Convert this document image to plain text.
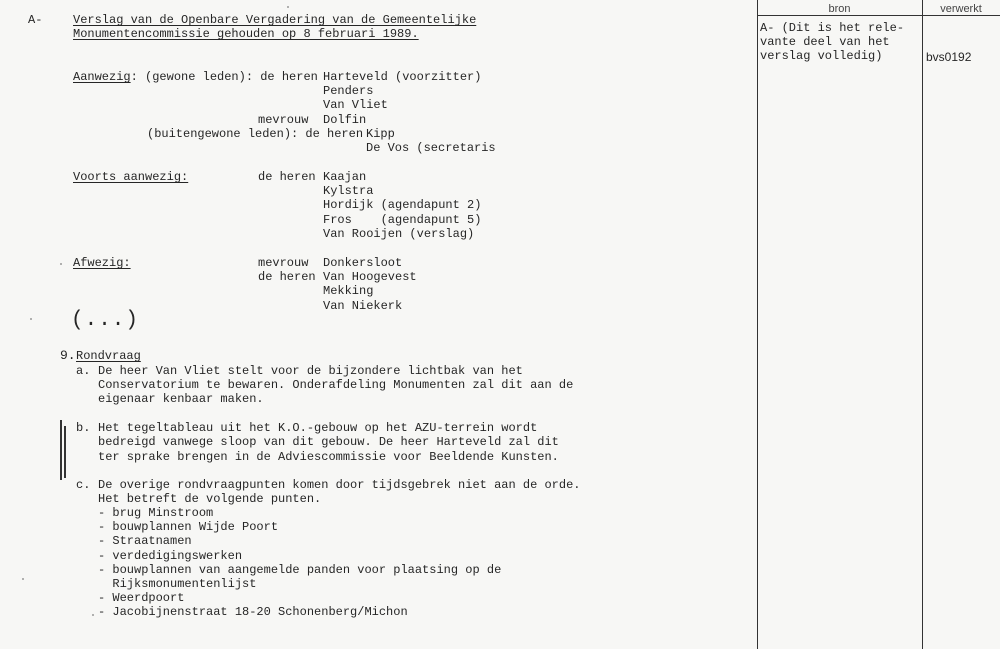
A-	Verslag van de Openbare Vergadering van de Gemeentelijke
Monumentencommissie gehouden op 8 februari 1989.
Aanwezig: (gewone leden): de heren Harteveld (voorzitter)
Penders
Van Vliet
mevrouw Dolfin
(buitengewone leden): de heren Kipp
De Vos (secretaris
Voorts aanwezig:	de heren Kaajan
Kylstra
Hordijk (agendapunt 2)
Fros    (agendapunt 5)
Van Rooijen (verslag)
Afwezig:	mevrouw Donkersloot
de heren Van Hoogevest
Mekking
Van Niekerk
(...)
9. Rondvraag
a. De heer Van Vliet stelt voor de bijzondere lichtbak van het
Conservatorium te bewaren. Onderafdeling Monumenten zal dit aan de
eigenaar kenbaar maken.
b. Het tegeltableau uit het K.O.-gebouw op het AZU-terrein wordt
bedreigd vanwege sloop van dit gebouw. De heer Harteveld zal dit
ter sprake brengen in de Adviescommissie voor Beeldende Kunsten.
c. De overige rondvraagpunten komen door tijdsgebrek niet aan de orde.
Het betreft de volgende punten.
- brug Minstroom
- bouwplannen Wijde Poort
- Straatnamen
- verdedigingswerken
- bouwplannen van aangemelde panden voor plaatsing op de
Rijksmonumentenlijst
- Weerdpoort
- Jacobijnenstraat 18-20 Schonenberg/Michon
bron	verwerkt
A- (Dit is het rele-
vante deel van het
verslag volledig)	bvs0192
